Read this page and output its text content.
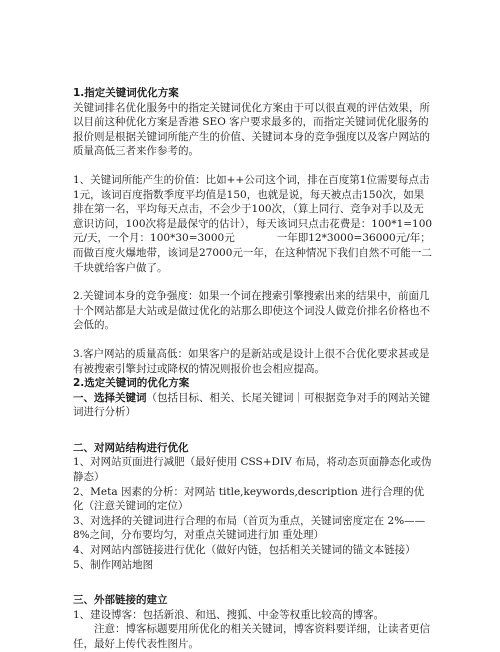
1.指定关键词优化方案

关键词排名优化服务中的指定关键词优化方案由于可以很直观的评估效果，所以目前这种优化方案是香港 SEO 客户要求最多的，而指定关键词优化服务的报价则是根据关键词所能产生的价值、关键词本身的竞争强度以及客户网站的质量高低三者来作参考的。

1、关键词所能产生的价值：比如++公司这个词，排在百度第1位需要每点击1元，该词百度指数季度平均值是150，也就是说，每天被点击150次，如果排在第一名，平均每天点击，不会少于100次，（算上同行、竞争对手以及无意识访问，100次将是最保守的估计），每天该词只点击花费是：100*1=100元/天，一个月：100*30=3000元　　　　一年即12*3000=36000元/年；而做百度火爆地带，该词是27000元一年，在这种情况下我们自然不可能一二千块就给客户做了。

2.关键词本身的竞争强度：如果一个词在搜索引擎搜索出来的结果中，前面几十个网站都是大站或是做过优化的站那么即使这个词没人做竞价排名价格也不会低的。

3.客户网站的质量高低：如果客户的是新站或是设计上很不合优化要求甚或是有被搜索引擎封过或降权的情况则报价也会相应提高。

2.选定关键词的优化方案

一、选择关键词（包括目标、相关、长尾关键词｜可根据竞争对手的网站关键词进行分析）

二、对网站结构进行优化

1、对网站页面进行减肥（最好使用 CSS+DIV 布局，将动态页面静态化或伪静态）

2、Meta 因素的分析：对网站 title,keywords,description 进行合理的优化（注意关键词的定位）

3、对选择的关键词进行合理的布局（首页为重点，关键词密度定在 2%——8%之间，分布要均匀，对重点关键词进行加 重处理）

4、对网站内部链接进行优化（做好内链，包括相关关键词的锚文本链接）

5、制作网站地图

三、外部链接的建立

1、建设博客：包括新浪、和迅、搜狐、中金等权重比较高的博客。

　　注意：博客标题要用所优化的相关关键词，博客资料要详细，让读者更信任，最好上传代表性图片。
